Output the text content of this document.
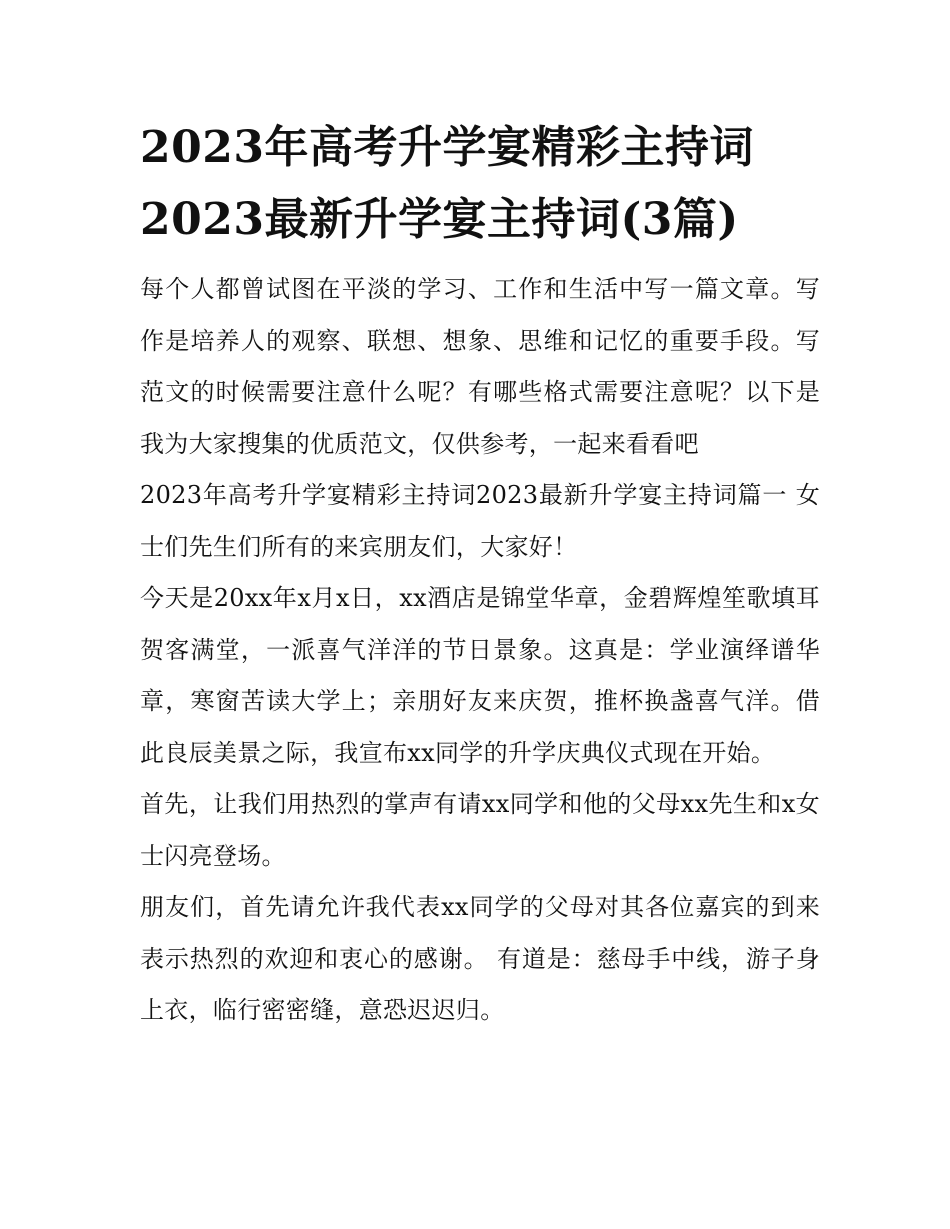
2023年高考升学宴精彩主持词
2023最新升学宴主持词(3篇)

每个人都曾试图在平淡的学习、工作和生活中写一篇文章。写作是培养人的观察、联想、想象、思维和记忆的重要手段。写范文的时候需要注意什么呢？有哪些格式需要注意呢？以下是我为大家搜集的优质范文，仅供参考，一起来看看吧

2023年高考升学宴精彩主持词2023最新升学宴主持词篇一 女士们先生们所有的来宾朋友们，大家好！

今天是20xx年x月x日，xx酒店是锦堂华章，金碧辉煌笙歌填耳贺客满堂，一派喜气洋洋的节日景象。这真是：学业演绎谱华章，寒窗苦读大学上；亲朋好友来庆贺，推杯换盏喜气洋。借此良辰美景之际，我宣布xx同学的升学庆典仪式现在开始。

首先，让我们用热烈的掌声有请xx同学和他的父母xx先生和x女士闪亮登场。

朋友们，首先请允许我代表xx同学的父母对其各位嘉宾的到来表示热烈的欢迎和衷心的感谢。 有道是：慈母手中线，游子身上衣，临行密密缝，意恐迟迟归。
